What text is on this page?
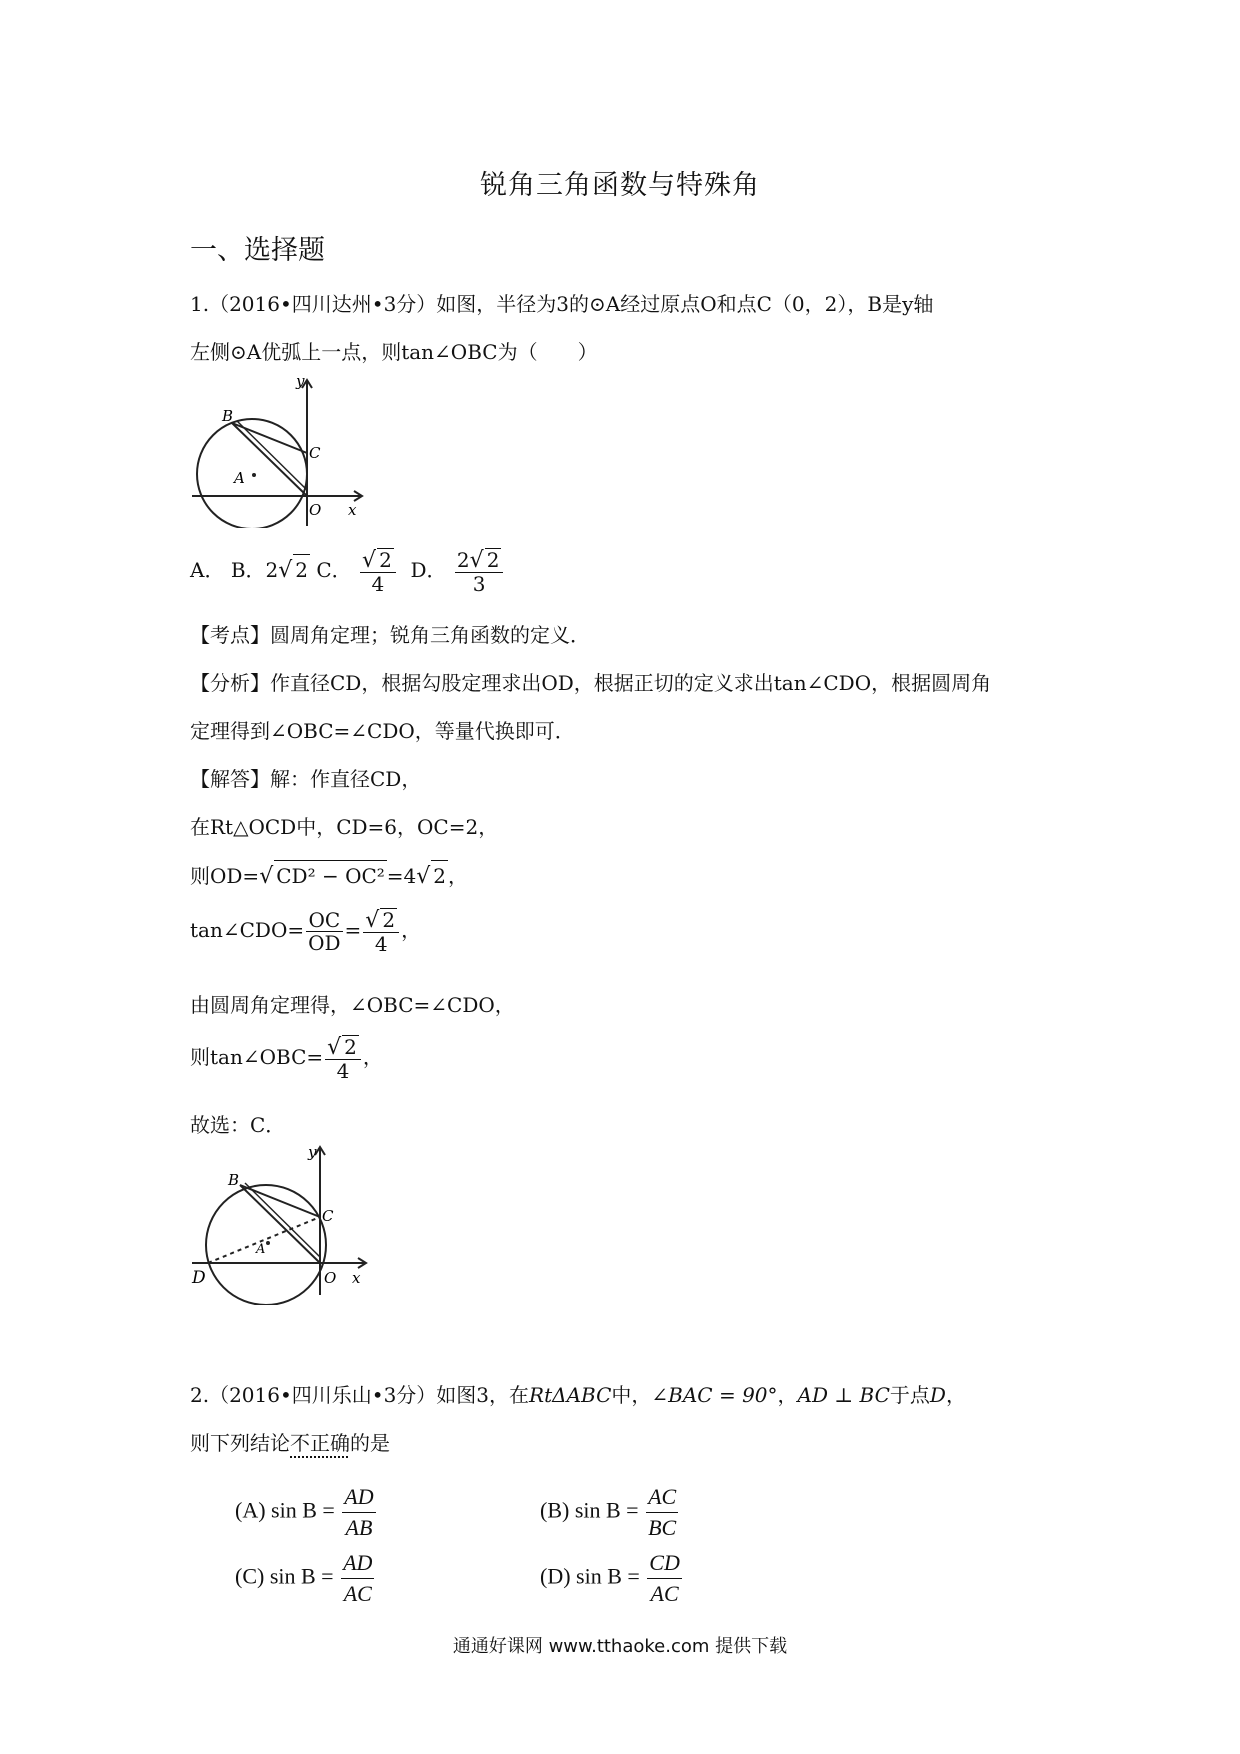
锐角三角函数与特殊角
一、选择题
1.（2016•四川达州•3分）如图，半径为3的⊙A经过原点O和点C（0，2），B是y轴
左侧⊙A优弧上一点，则tan∠OBC为（　　）
y
B
C
A
O x
A． B．2√ 2 C． $\frac{√ 2}{4}$ D． $\frac{2√ 2}{3}$
【考点】圆周角定理；锐角三角函数的定义．
【分析】作直径CD，根据勾股定理求出OD，根据正切的定义求出tan∠CDO，根据圆周角
定理得到∠OBC=∠CDO，等量代换即可．
【解答】解：作直径CD，
在Rt△OCD中，CD=6，OC=2，
则OD=√ CD² − OC² =4√ 2 ，
tan∠CDO= $\frac{OC}{OD} = \frac{√ 2}{4}$ ，
由圆周角定理得，∠OBC=∠CDO，
则tan∠OBC= $\frac{√ 2}{4}$ ，
故选：C．
y
B
C
A
D	O x
2.（2016•四川乐山•3分）如图3，在RtΔABC中，∠BAC = 90°，AD ⊥ BC于点D，
则下列结论不正确的是
(A) $\sin B = \frac{AD}{AB}$	(B) $\sin B = \frac{AC}{BC}$
(C) $\sin B = \frac{AD}{AC}$	(D) $\sin B = \frac{CD}{AC}$
通通好课网 www.tthaoke.com 提供下载
